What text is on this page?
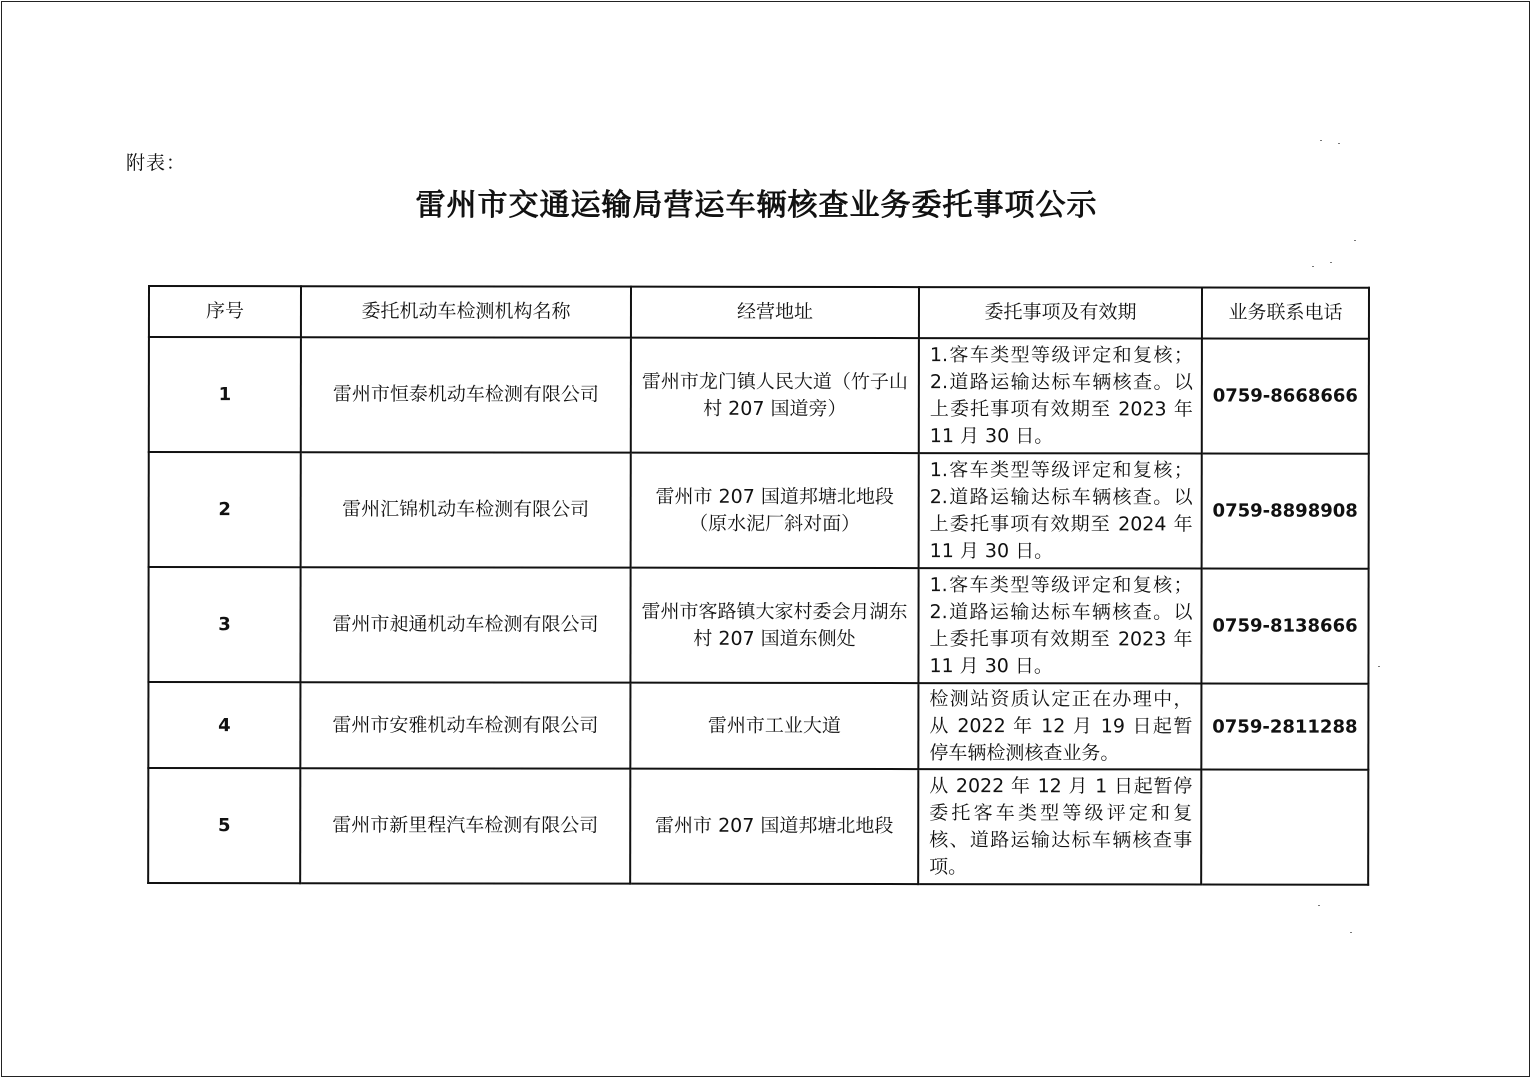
附表：
雷州市交通运输局营运车辆核查业务委托事项公示
序号	委托机动车检测机构名称	经营地址	委托事项及有效期	业务联系电话
1	雷州市恒泰机动车检测有限公司	雷州市龙门镇人民大道（竹子山村 207 国道旁）	1.客车类型等级评定和复核；2.道路运输达标车辆核查。以上委托事项有效期至 2023 年 11 月 30 日。	0759-8668666
2	雷州汇锦机动车检测有限公司	雷州市 207 国道邦塘北地段（原水泥厂斜对面）	1.客车类型等级评定和复核；2.道路运输达标车辆核查。以上委托事项有效期至 2024 年 11 月 30 日。	0759-8898908
3	雷州市昶通机动车检测有限公司	雷州市客路镇大家村委会月湖东村 207 国道东侧处	1.客车类型等级评定和复核；2.道路运输达标车辆核查。以上委托事项有效期至 2023 年 11 月 30 日。	0759-8138666
4	雷州市安雅机动车检测有限公司	雷州市工业大道	检测站资质认定正在办理中，从 2022 年 12 月 19 日起暂停车辆检测核查业务。	0759-2811288
5	雷州市新里程汽车检测有限公司	雷州市 207 国道邦塘北地段	从 2022 年 12 月 1 日起暂停委托客车类型等级评定和复核、道路运输达标车辆核查事项。	
